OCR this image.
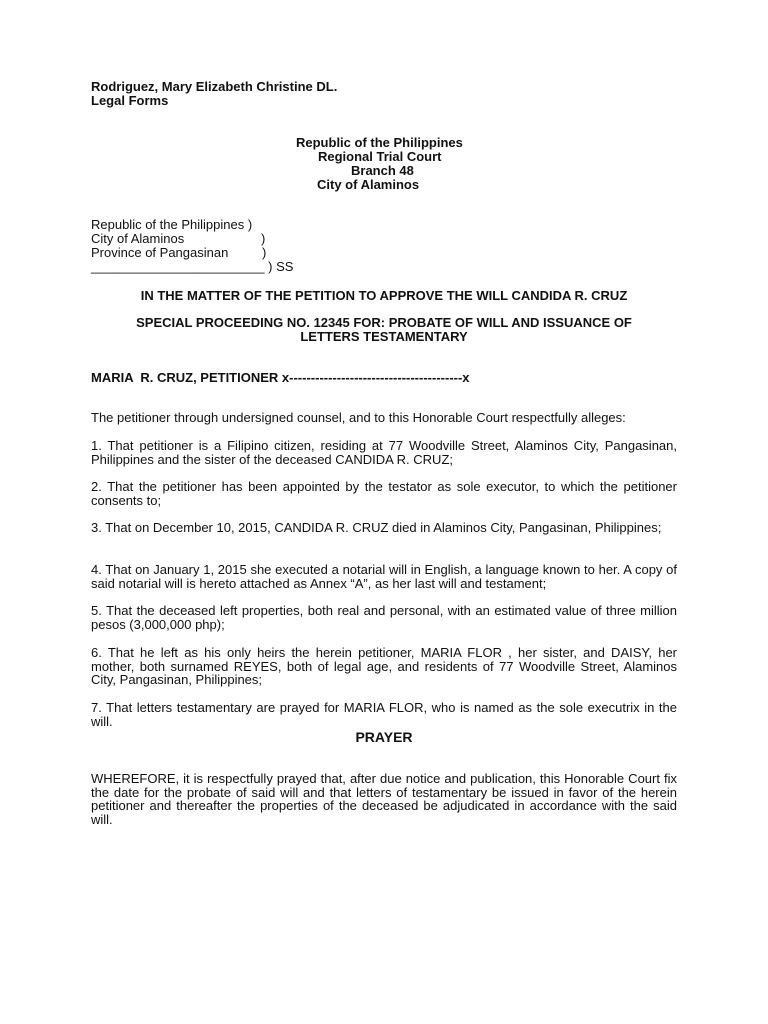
Rodriguez, Mary Elizabeth Christine DL.
Legal Forms
Republic of the Philippines
Regional Trial Court
Branch 48
City of Alaminos
Republic of the Philippines )
City of Alaminos	)
Province of Pangasinan	)
________________________ ) SS
IN THE MATTER OF THE PETITION TO APPROVE THE WILL CANDIDA R. CRUZ
SPECIAL PROCEEDING NO. 12345 FOR: PROBATE OF WILL AND ISSUANCE OF
LETTERS TESTAMENTARY
MARIA  R. CRUZ, PETITIONER x----------------------------------------x
The petitioner through undersigned counsel, and to this Honorable Court respectfully alleges:
1. That petitioner is a Filipino citizen, residing at 77 Woodville Street, Alaminos City, Pangasinan, Philippines and the sister of the deceased CANDIDA R. CRUZ;
2. That the petitioner has been appointed by the testator as sole executor, to which the petitioner consents to;
3. That on December 10, 2015, CANDIDA R. CRUZ died in Alaminos City, Pangasinan, Philippines;
4. That on January 1, 2015 she executed a notarial will in English, a language known to her. A copy of said notarial will is hereto attached as Annex “A”, as her last will and testament;
5. That the deceased left properties, both real and personal, with an estimated value of three million pesos (3,000,000 php);
6. That he left as his only heirs the herein petitioner, MARIA FLOR , her sister, and DAISY, her mother, both surnamed REYES, both of legal age, and residents of 77 Woodville Street, Alaminos City, Pangasinan, Philippines;
7. That letters testamentary are prayed for MARIA FLOR, who is named as the sole executrix in the will.
PRAYER
WHEREFORE, it is respectfully prayed that, after due notice and publication, this Honorable Court fix the date for the probate of said will and that letters of testamentary be issued in favor of the herein petitioner and thereafter the properties of the deceased be adjudicated in accordance with the said will.
